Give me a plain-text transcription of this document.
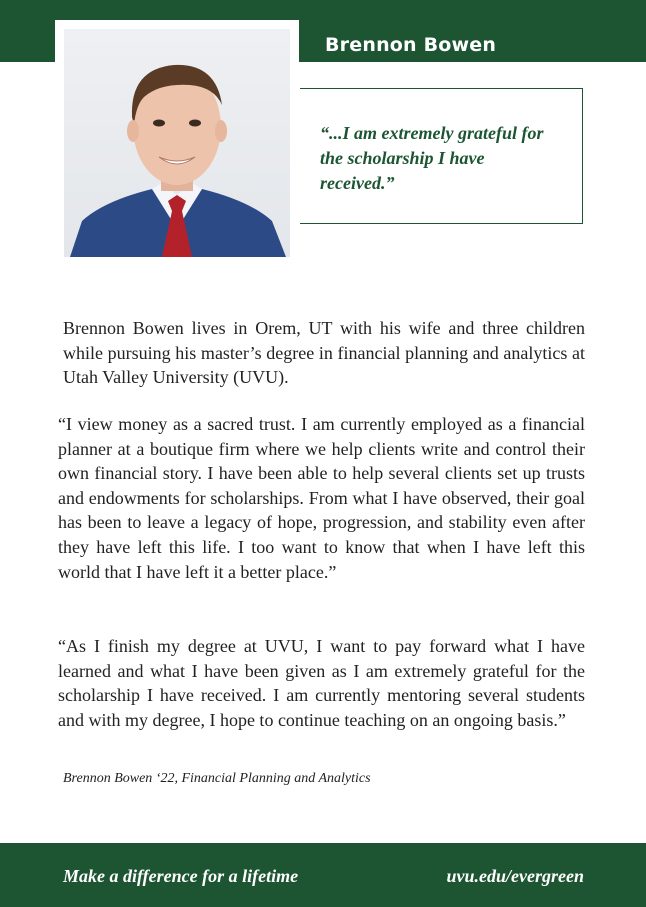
Brennon Bowen
“...I am extremely grateful for the scholarship I have received.”
Brennon Bowen lives in Orem, UT with his wife and three children while pursuing his master’s degree in financial planning and analytics at Utah Valley University (UVU).
“I view money as a sacred trust. I am currently employed as a financial planner at a boutique firm where we help clients write and control their own financial story. I have been able to help several clients set up trusts and endowments for scholarships. From what I have observed, their goal has been to leave a legacy of hope, progression, and stability even after they have left this life. I too want to know that when I have left this world that I have left it a better place.”
“As I finish my degree at UVU, I want to pay forward what I have learned and what I have been given as I am extremely grateful for the scholarship I have received. I am currently mentoring several students and with my degree, I hope to continue teaching on an ongoing basis.”
Brennon Bowen ‘22, Financial Planning and Analytics
Make a difference for a lifetime	uvu.edu/evergreen
